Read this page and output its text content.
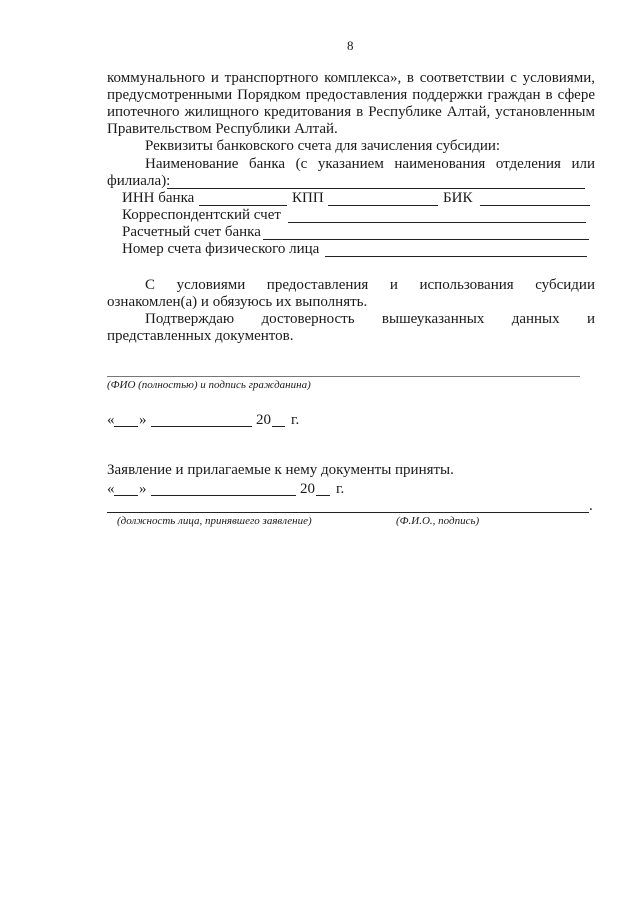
8
коммунального и транспортного комплекса», в соответствии с условиями,
предусмотренными Порядком предоставления поддержки граждан в сфере
ипотечного жилищного кредитования в Республике Алтай, установленным
Правительством Республики Алтай.
Реквизиты банковского счета для зачисления субсидии:
Наименование банка (с указанием наименования отделения или
филиала):
ИНН банка	КПП	БИК
Корреспондентский счет
Расчетный счет банка
Номер счета физического лица
С условиями предоставления и использования субсидии
ознакомлен(а) и обязуюсь их выполнять.
Подтверждаю достоверность вышеуказанных данных и
представленных документов.
(ФИО (полностью) и подпись гражданина)
« »	20 г.
Заявление и прилагаемые к нему документы приняты.
« »	20 г.
.
(должность лица, принявшего заявление)	(Ф.И.О., подпись)
